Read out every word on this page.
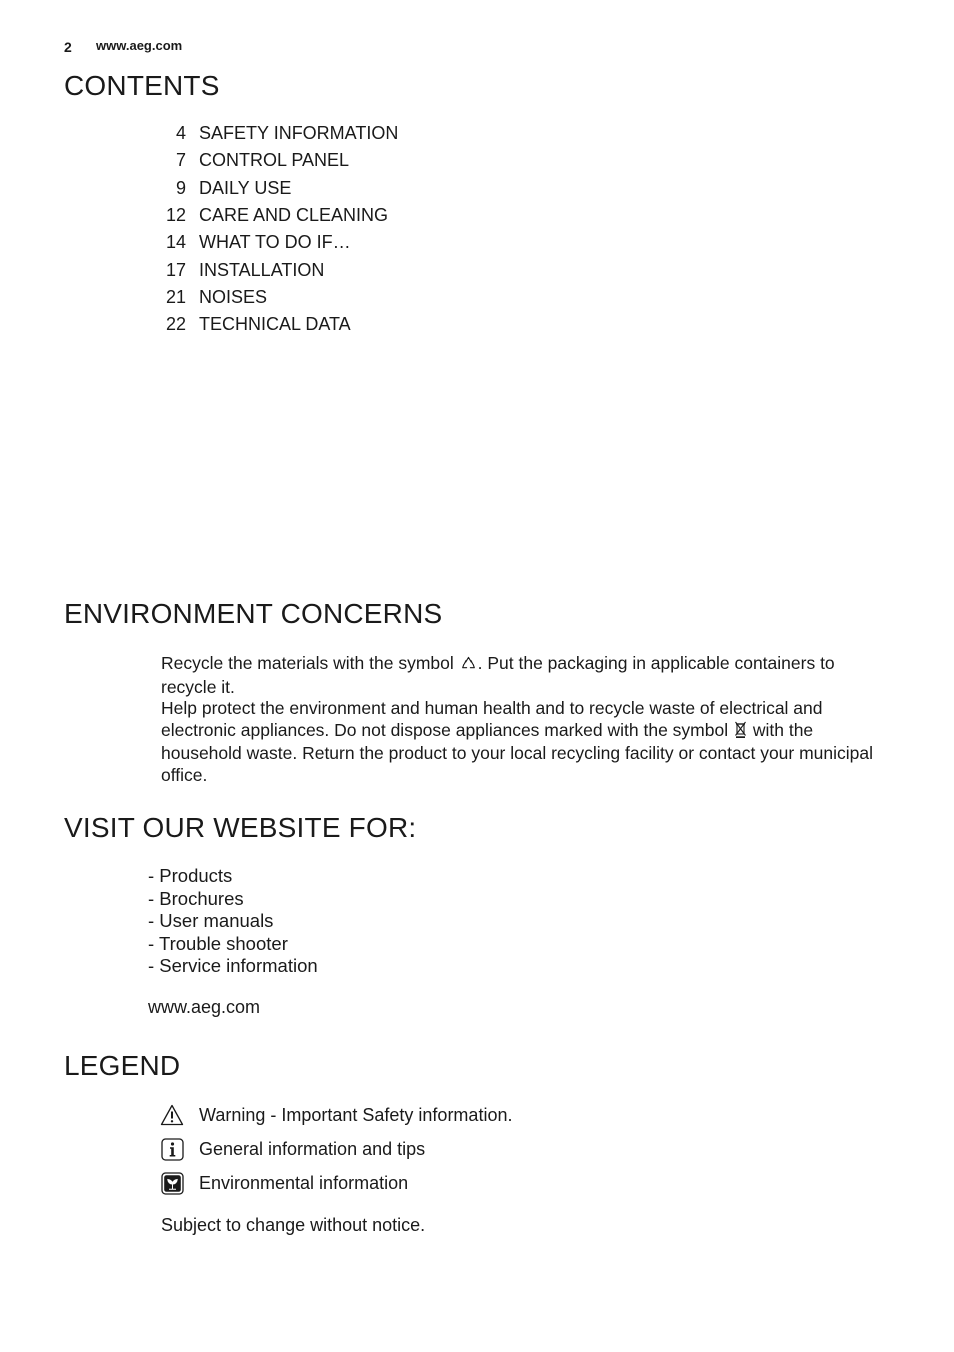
2 www.aeg.com
CONTENTS
4 SAFETY INFORMATION
7 CONTROL PANEL
9 DAILY USE
12 CARE AND CLEANING
14 WHAT TO DO IF…
17 INSTALLATION
21 NOISES
22 TECHNICAL DATA
ENVIRONMENT CONCERNS
Recycle the materials with the symbol . Put the packaging in applicable containers to recycle it.
Help protect the environment and human health and to recycle waste of electrical and electronic appliances. Do not dispose appliances marked with the symbol with the household waste. Return the product to your local recycling facility or contact your municipal office.
VISIT OUR WEBSITE FOR:
- Products
- Brochures
- User manuals
- Trouble shooter
- Service information
www.aeg.com
LEGEND
Warning - Important Safety information.
General information and tips
Environmental information
Subject to change without notice.
